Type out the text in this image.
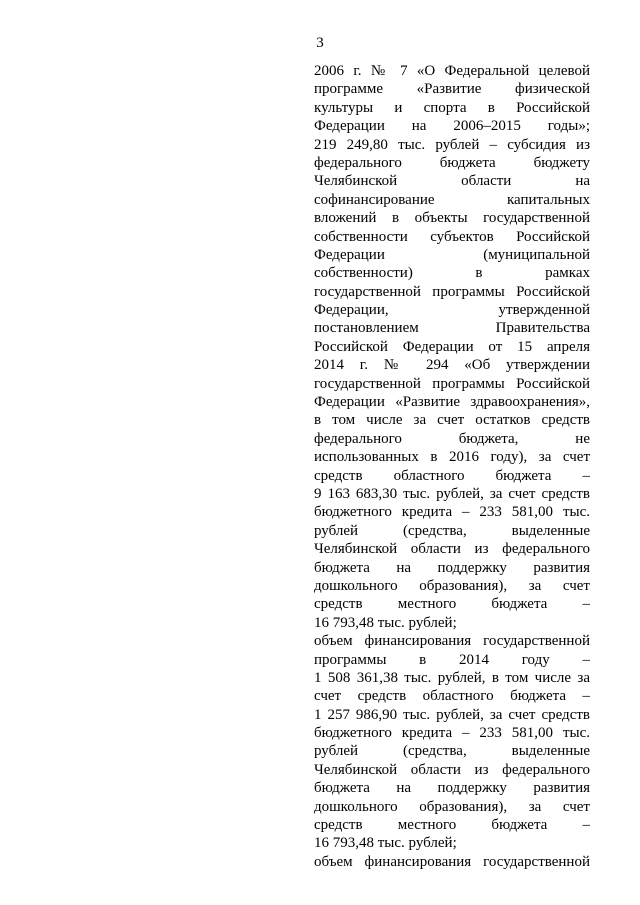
3
2006 г. № 7 «О Федеральной целевой
программе «Развитие физической
культуры и спорта в Российской
Федерации на 2006–2015 годы»;
219 249,80 тыс. рублей – субсидия из
федерального бюджета бюджету
Челябинской области на
софинансирование капитальных
вложений в объекты государственной
собственности субъектов Российской
Федерации (муниципальной
собственности) в рамках
государственной программы Российской
Федерации, утвержденной
постановлением Правительства
Российской Федерации от 15 апреля
2014 г. № 294 «Об утверждении
государственной программы Российской
Федерации «Развитие здравоохранения»,
в том числе за счет остатков средств
федерального бюджета, не
использованных в 2016 году), за счет
средств областного бюджета –
9 163 683,30 тыс. рублей, за счет средств
бюджетного кредита – 233 581,00 тыс.
рублей (средства, выделенные
Челябинской области из федерального
бюджета на поддержку развития
дошкольного образования), за счет
средств местного бюджета –
16 793,48 тыс. рублей;
объем финансирования государственной
программы в 2014 году –
1 508 361,38 тыс. рублей, в том числе за
счет средств областного бюджета –
1 257 986,90 тыс. рублей, за счет средств
бюджетного кредита – 233 581,00 тыс.
рублей (средства, выделенные
Челябинской области из федерального
бюджета на поддержку развития
дошкольного образования), за счет
средств местного бюджета –
16 793,48 тыс. рублей;
объем финансирования государственной
